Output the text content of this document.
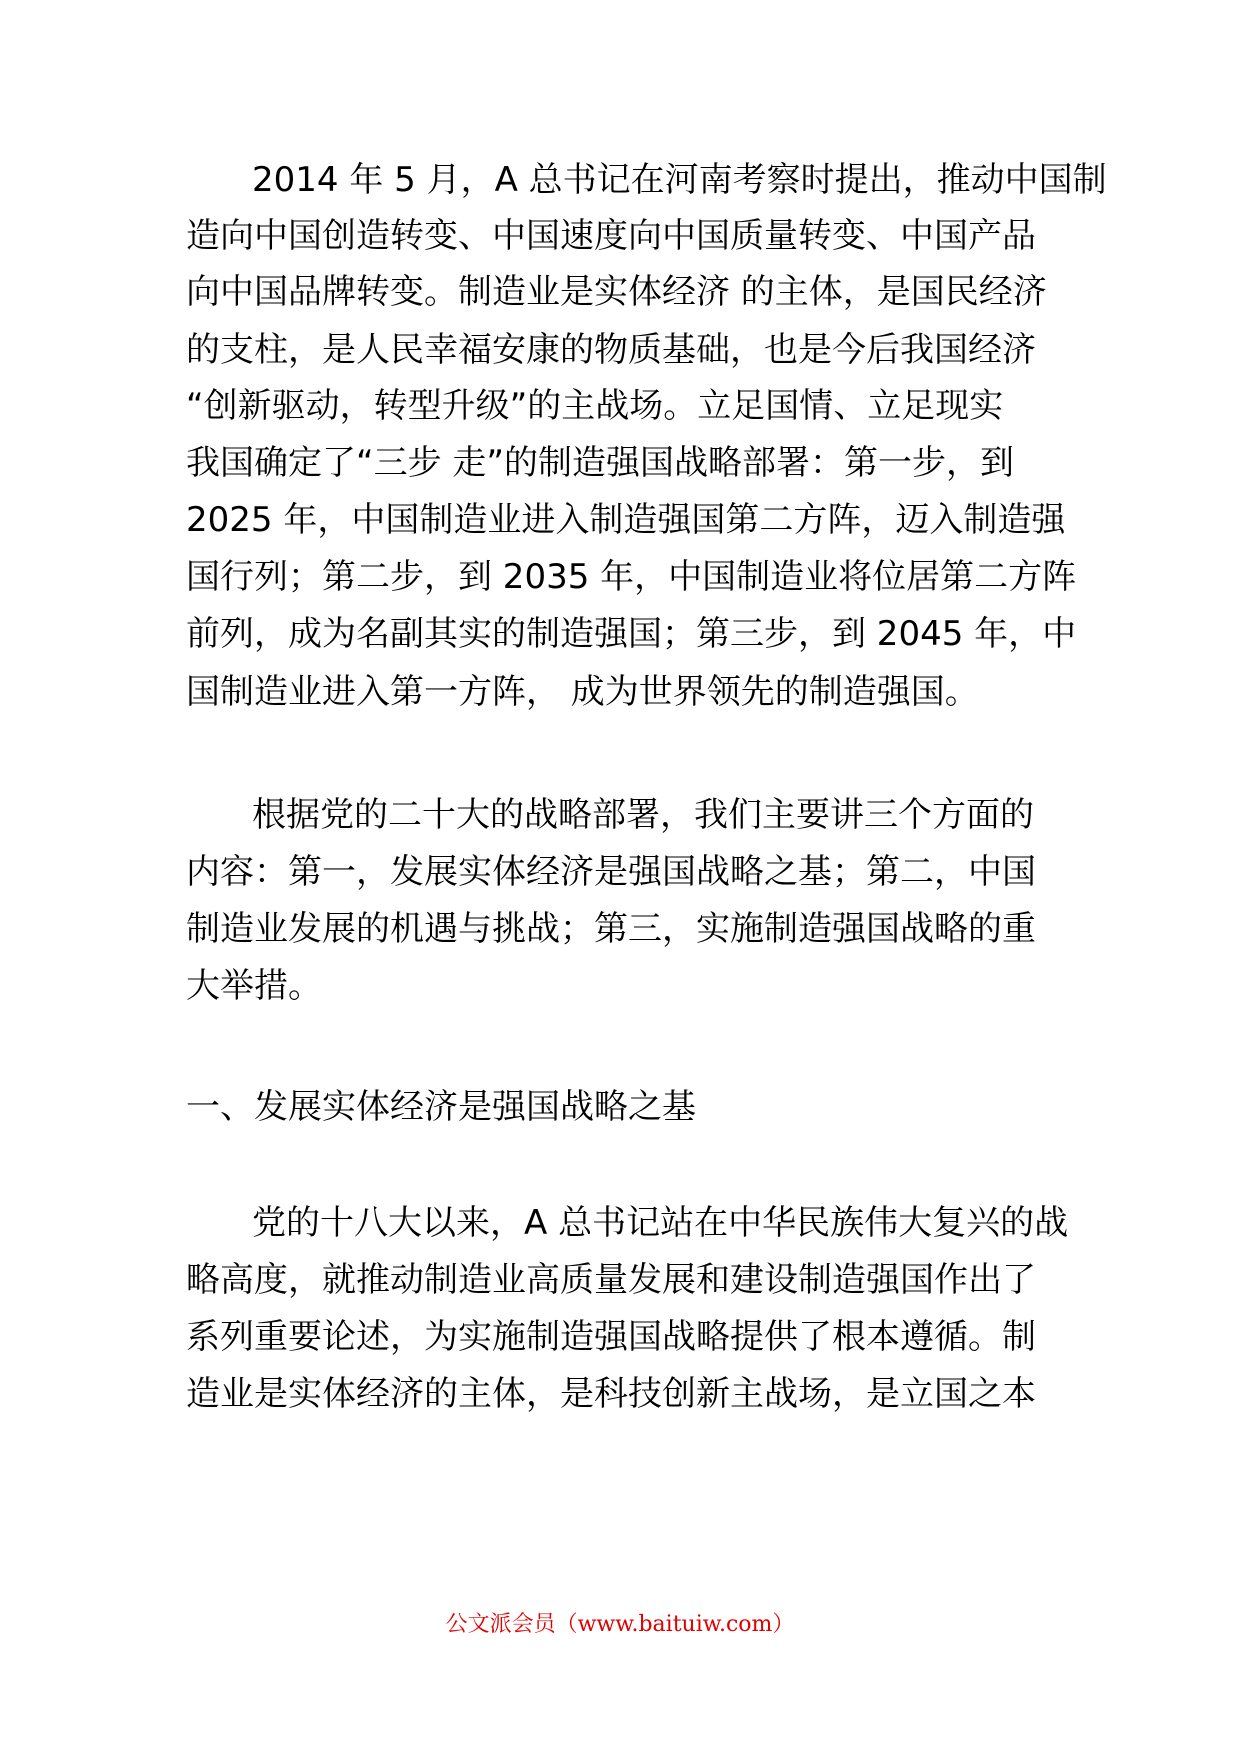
2014 年 5 月，A 总书记在河南考察时提出，推动中国制
造向中国创造转变、中国速度向中国质量转变、中国产品
向中国品牌转变。制造业是实体经济 的主体，是国民经济
的支柱，是人民幸福安康的物质基础，也是今后我国经济
“创新驱动，转型升级”的主战场。立足国情、立足现实
我国确定了“三步 走”的制造强国战略部署：第一步，到
2025 年，中国制造业进入制造强国第二方阵，迈入制造强
国行列；第二步，到 2035 年，中国制造业将位居第二方阵
前列，成为名副其实的制造强国；第三步，到 2045 年，中
国制造业进入第一方阵， 成为世界领先的制造强国。
根据党的二十大的战略部署，我们主要讲三个方面的
内容：第一，发展实体经济是强国战略之基；第二，中国
制造业发展的机遇与挑战；第三，实施制造强国战略的重
大举措。
一、发展实体经济是强国战略之基
党的十八大以来，A 总书记站在中华民族伟大复兴的战
略高度，就推动制造业高质量发展和建设制造强国作出了
系列重要论述，为实施制造强国战略提供了根本遵循。制
造业是实体经济的主体，是科技创新主战场，是立国之本
公文派会员（www.baituiw.com）
